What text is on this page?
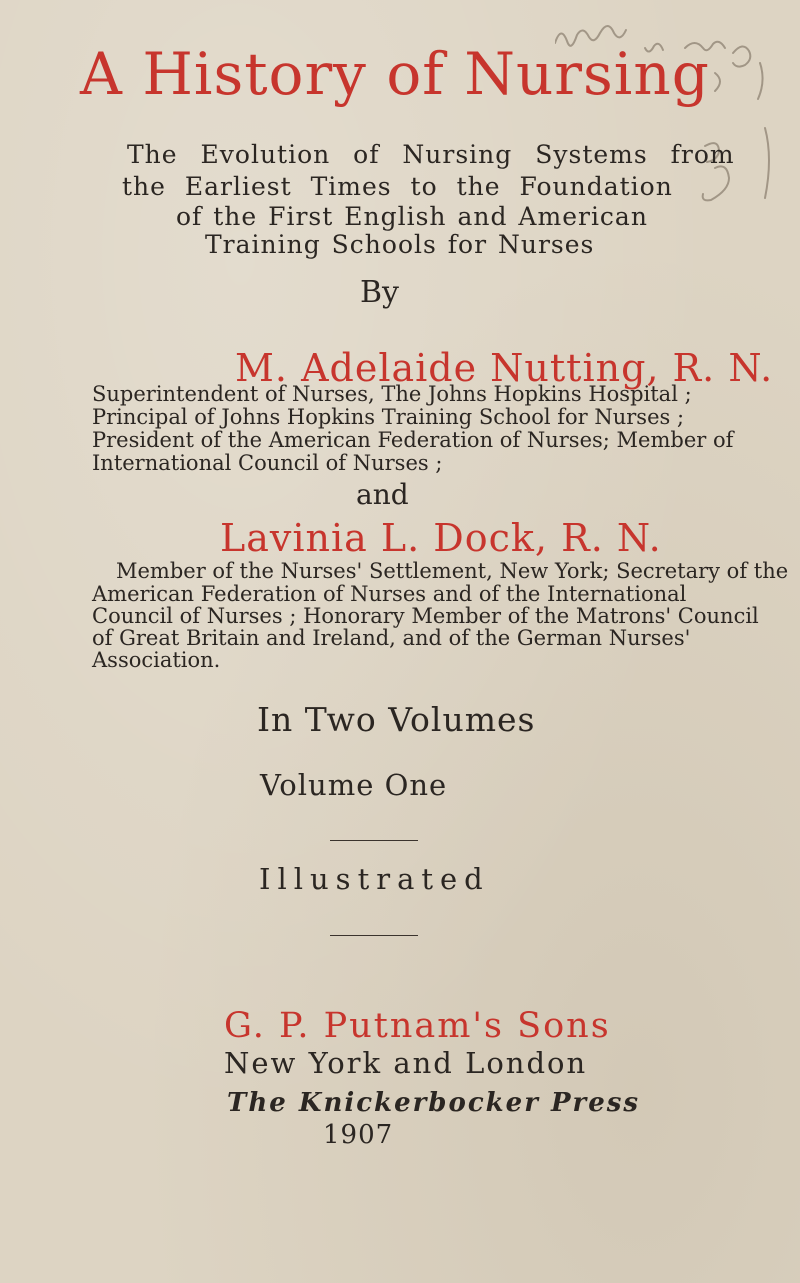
A History of Nursing
The Evolution of Nursing Systems from
the Earliest Times to the Foundation
of the First English and American
Training Schools for Nurses
By
M. Adelaide Nutting, R. N.
Superintendent of Nurses, The Johns Hopkins Hospital ;
Principal of Johns Hopkins Training School for Nurses ;
President of the American Federation of Nurses; Member of
International Council of Nurses ;
and
Lavinia L. Dock, R. N.
Member of the Nurses' Settlement, New York; Secretary of the
American Federation of Nurses and of the International
Council of Nurses ; Honorary Member of the Matrons' Council
of Great Britain and Ireland, and of the German Nurses'
Association.
In Two Volumes
Volume One
Illustrated
G. P. Putnam's Sons
New York and London
The Knickerbocker Press
1907
